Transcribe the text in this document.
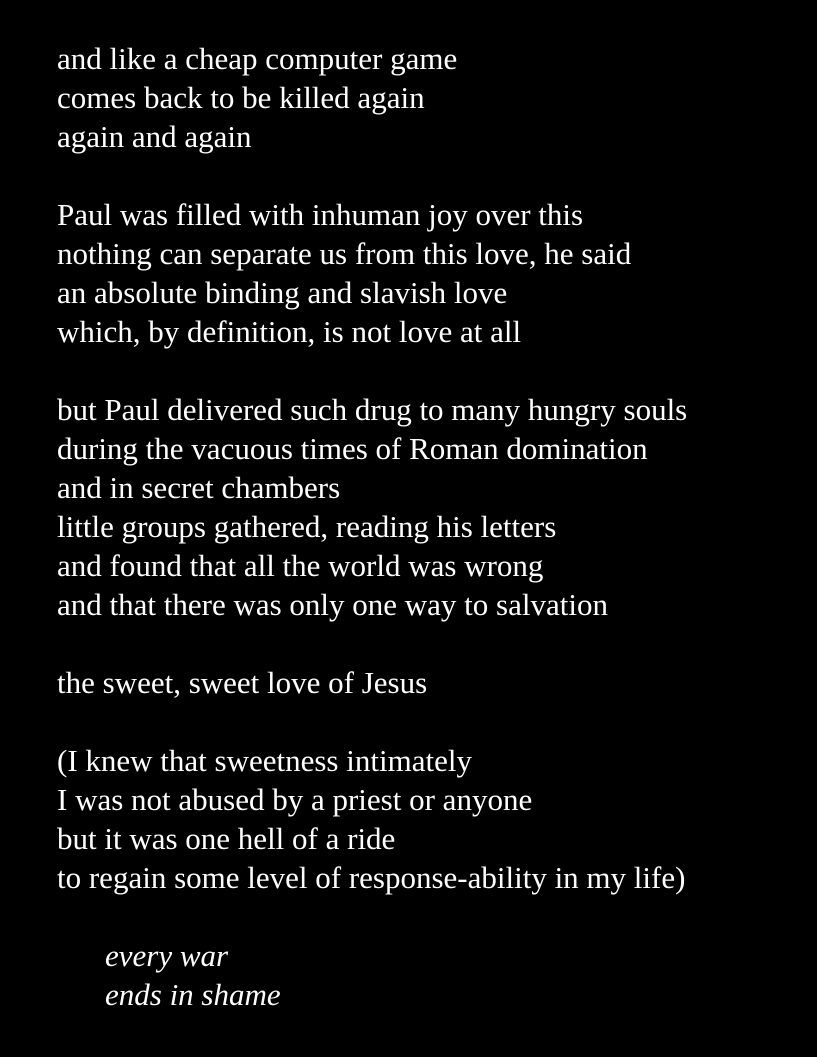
and like a cheap computer game
comes back to be killed again
again and again
Paul was filled with inhuman joy over this
nothing can separate us from this love, he said
an absolute binding and slavish love
which, by definition, is not love at all
but Paul delivered such drug to many hungry souls
during the vacuous times of Roman domination
and in secret chambers
little groups gathered, reading his letters
and found that all the world was wrong
and that there was only one way to salvation
the sweet, sweet love of Jesus
(I knew that sweetness intimately
I was not abused by a priest or anyone
but it was one hell of a ride
to regain some level of response-ability in my life)
every war
ends in shame
